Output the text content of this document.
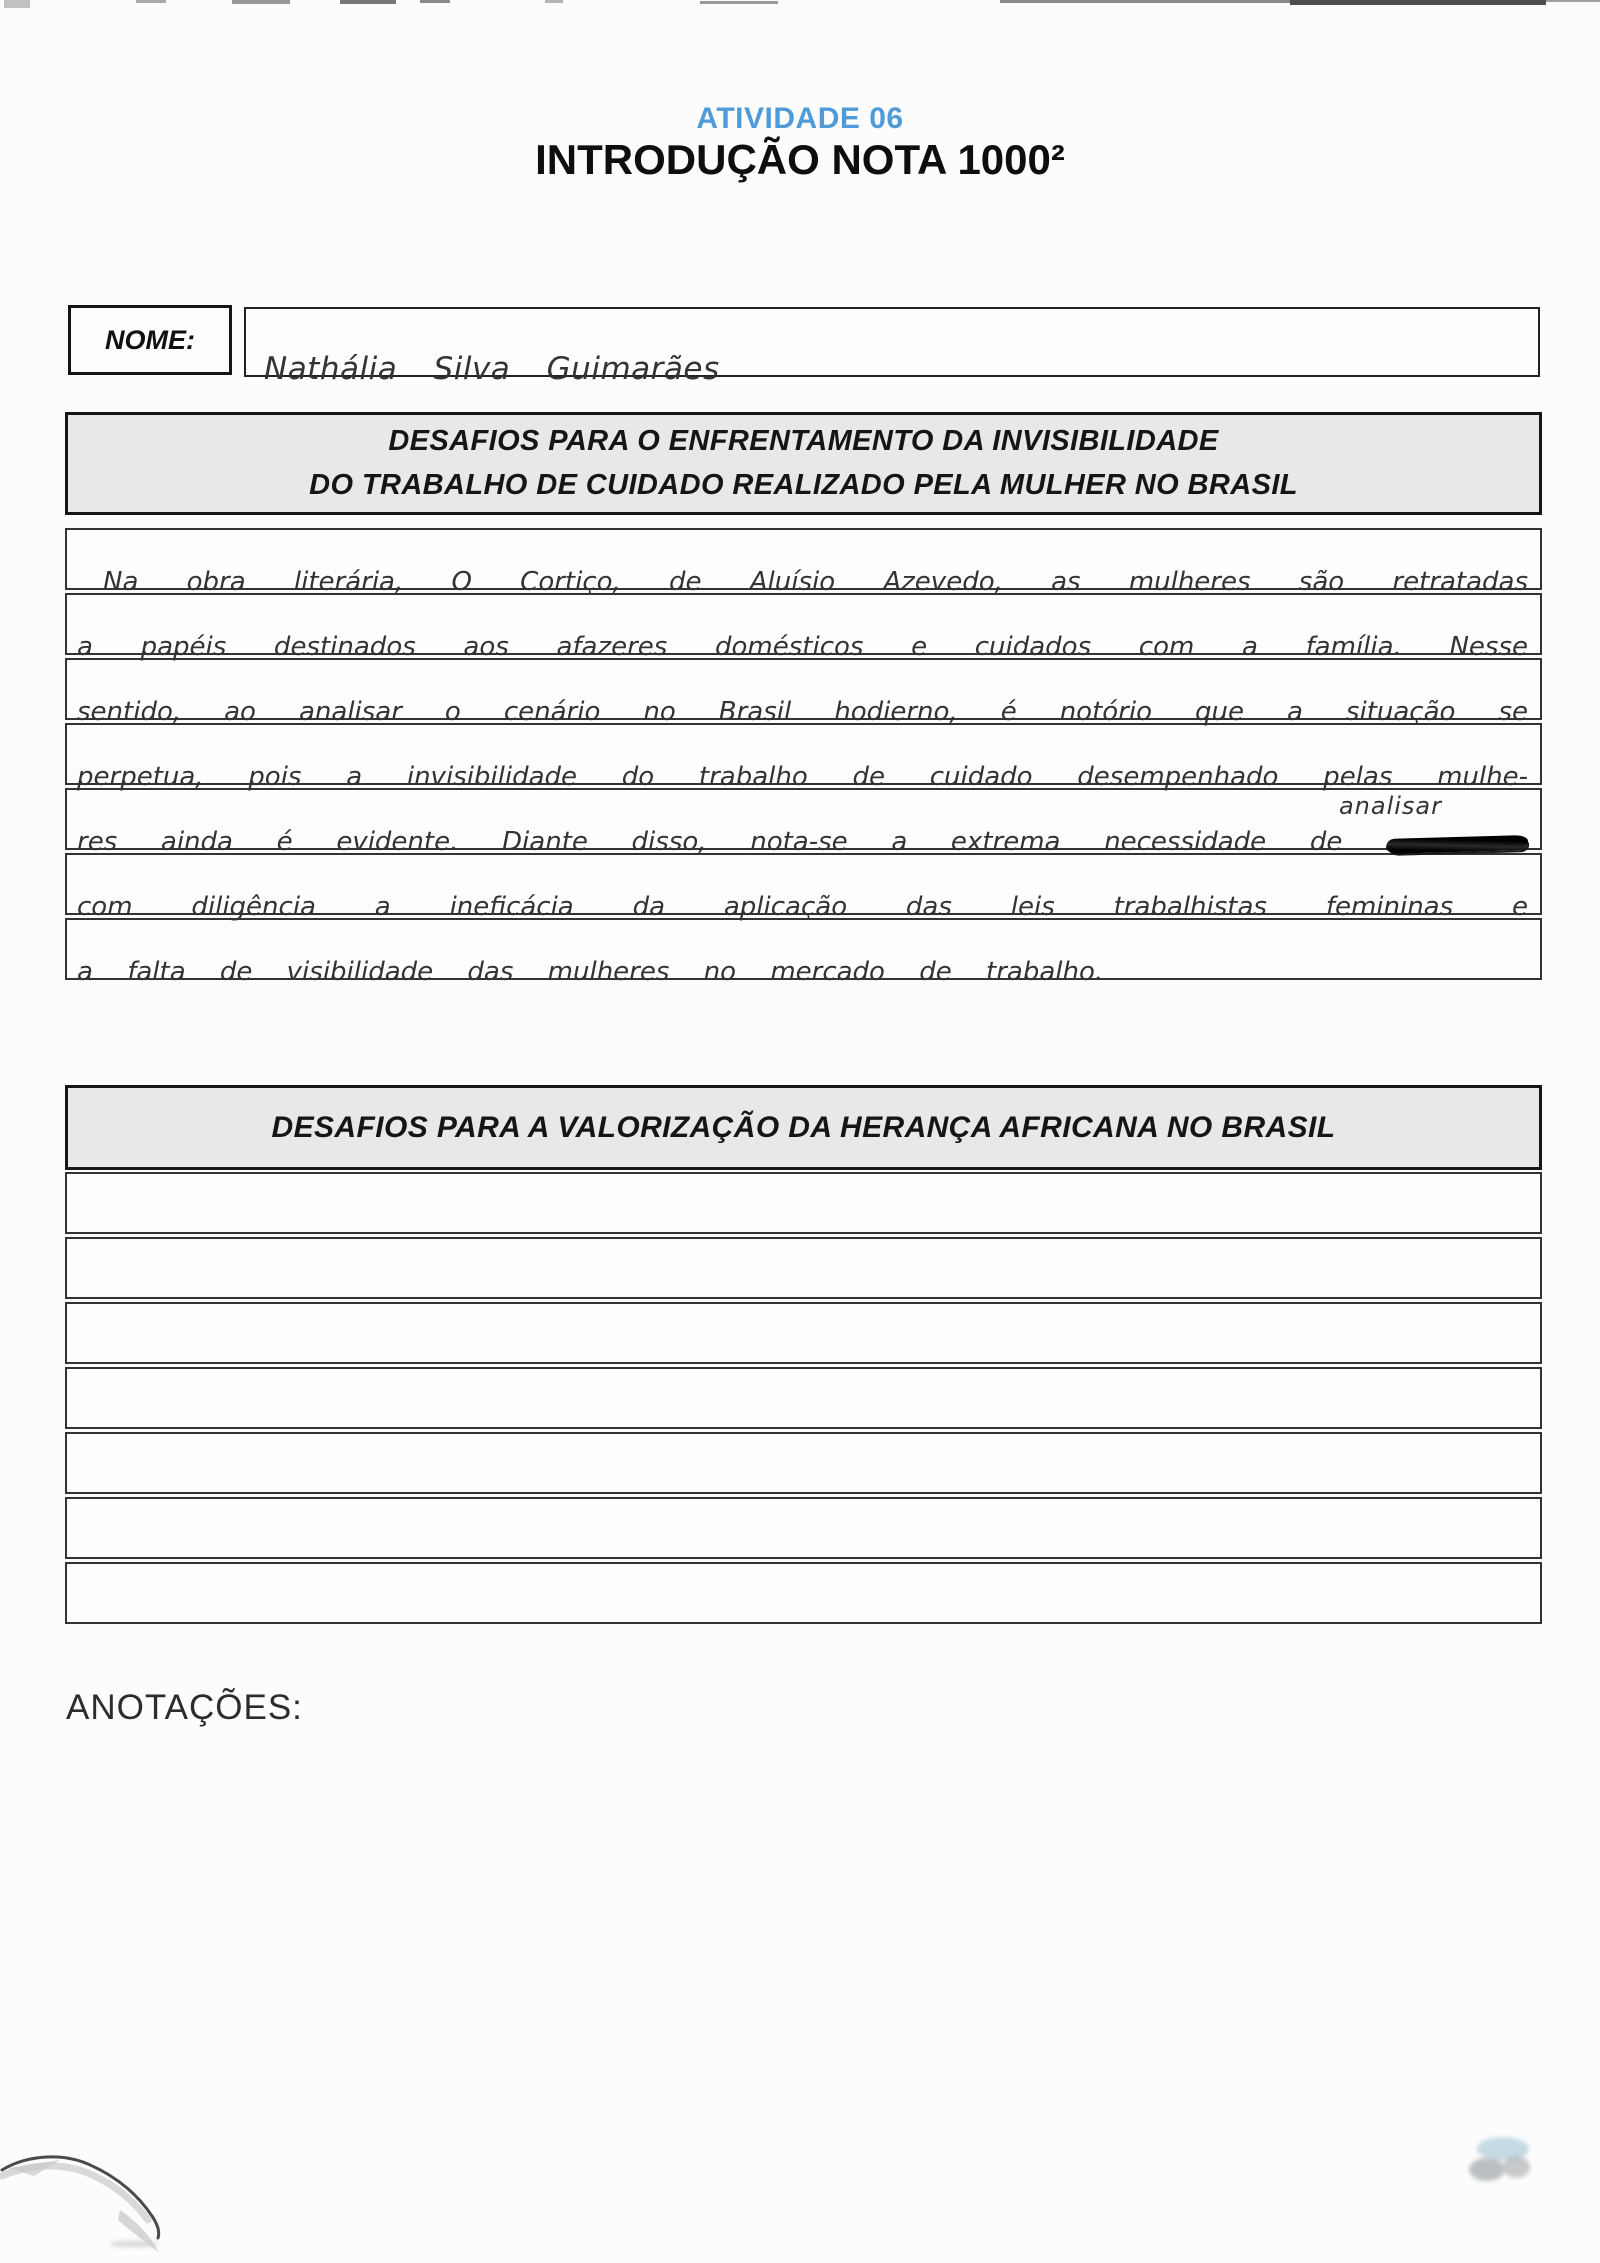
ATIVIDADE 06
INTRODUÇÃO NOTA 1000²
NOME:
Nathália Silva Guimarães
DESAFIOS PARA O ENFRENTAMENTO DA INVISIBILIDADE
DO TRABALHO DE CUIDADO REALIZADO PELA MULHER NO BRASIL
Na obra literária, O Cortiço, de Aluísio Azevedo, as mulheres são retratadas
a papéis destinados aos afazeres domésticos e cuidados com a família. Nesse
sentido, ao analisar o cenário no Brasil hodierno, é notório que a situação se
perpetua, pois a invisibilidade do trabalho de cuidado desempenhado pelas mulhe-
analisar
res ainda é evidente. Diante disso, nota-se a extrema necessidade de
com diligência a ineficácia da aplicação das leis trabalhistas femininas e
a falta de visibilidade das mulheres no mercado de trabalho.
DESAFIOS PARA A VALORIZAÇÃO DA HERANÇA AFRICANA NO BRASIL
ANOTAÇÕES:
